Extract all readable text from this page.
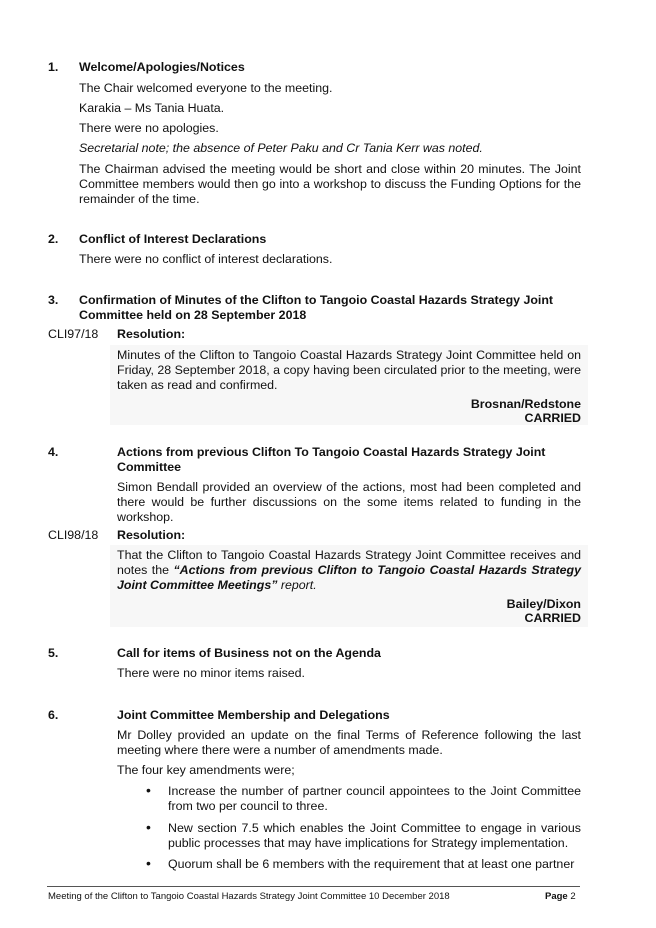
1. Welcome/Apologies/Notices
The Chair welcomed everyone to the meeting.
Karakia – Ms Tania Huata.
There were no apologies.
Secretarial note; the absence of Peter Paku and Cr Tania Kerr was noted.
The Chairman advised the meeting would be short and close within 20 minutes. The Joint Committee members would then go into a workshop to discuss the Funding Options for the remainder of the time.
2. Conflict of Interest Declarations
There were no conflict of interest declarations.
3. Confirmation of Minutes of the Clifton to Tangoio Coastal Hazards Strategy Joint Committee held on 28 September 2018
CLI97/18 Resolution:
Minutes of the Clifton to Tangoio Coastal Hazards Strategy Joint Committee held on Friday, 28 September 2018, a copy having been circulated prior to the meeting, were taken as read and confirmed.
Brosnan/Redstone
CARRIED
4.	Actions from previous Clifton To Tangoio Coastal Hazards Strategy Joint Committee
Simon Bendall provided an overview of the actions, most had been completed and there would be further discussions on the some items related to funding in the workshop.
CLI98/18 Resolution:
That the Clifton to Tangoio Coastal Hazards Strategy Joint Committee receives and notes the “Actions from previous Clifton to Tangoio Coastal Hazards Strategy Joint Committee Meetings” report.
Bailey/Dixon
CARRIED
5.	Call for items of Business not on the Agenda
There were no minor items raised.
6.	Joint Committee Membership and Delegations
Mr Dolley provided an update on the final Terms of Reference following the last meeting where there were a number of amendments made.
The four key amendments were;
• Increase the number of partner council appointees to the Joint Committee from two per council to three.
• New section 7.5 which enables the Joint Committee to engage in various public processes that may have implications for Strategy implementation.
• Quorum shall be 6 members with the requirement that at least one partner
Meeting of the Clifton to Tangoio Coastal Hazards Strategy Joint Committee 10 December 2018	Page 2
